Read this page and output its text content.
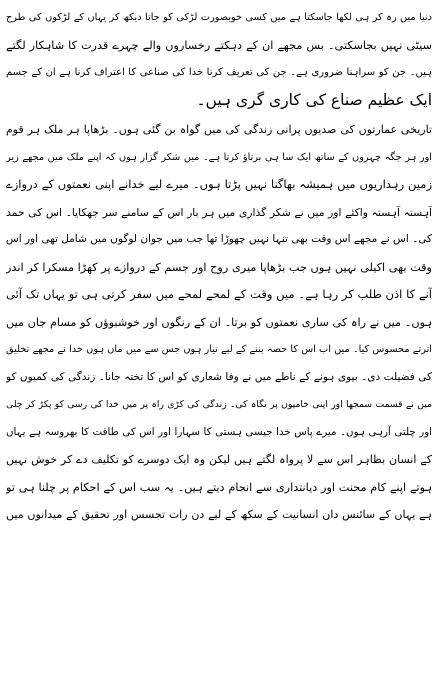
دنیا میں رہ کر ہی لکھا جاسکتا ہے میں کسی خوبصورت لڑکی کو جاتا دیکھ کر یہاں کے لڑکوں کی طرح
سیٹی نہیں بجاسکتی۔ بس مجھے ان کے دہکتے رخساروں والے چہرے قدرت کا شاہکار لگتے
ہیں۔ جن کو سراہنا ضروری ہے۔ جن کی تعریف کرنا خدا کی صناعی کا اعتراف کرنا ہے ان کے جسم
ایک عظیم صناع کی کاری گری ہیں۔
تاریخی عمارتوں کی صدیوں پرانی زندگی کی میں گواہ بن گئی ہوں۔ بڑھاپا ہر ملک ہر قوم
اور ہر جگہ چہروں کے ساتھ ایک سا ہی برتاؤ کرتا ہے۔ میں شکر گزار ہوں کہ اپنے ملک میں مجھے زیر
زمین رہداریوں میں ہمیشہ بھاگنا نہیں پڑتا ہوں۔ میرے لیے خدانے اپنی نعمتوں کے دروازے
آہستہ آہستہ واکئے اور میں نے شکر گذاری میں ہر بار اس کے سامنے سر جھکایا۔ اس کی حمد
کی۔ اس نے مجھے اس وقت بھی تنہا نہیں چھوڑا تھا جب میں جوان لوگوں میں شامل تھی اور اس
وقت بھی اکیلی نہیں ہوں جب بڑھاپا میری روح اور جسم کے دروازے پر کھڑا مسکرا کر اندر
آنے کا اذن طلب کر رہا ہے۔ میں وقت کے لمحے لمحے میں سفر کرتی ہی تو یہاں تک آئی
ہوں۔ میں نے راہ کی ساری نعمتوں کو برتا۔ ان کے رنگوں اور خوشبوؤں کو مسام جاں میں
اترتے محسوس کیا۔ میں اب اس کا حصہ بننے کے لیے تیار ہوں جس سے میں ماں ہوں خدا نے مجھے تخلیق
کی فضیلت دی۔ بیوی ہونے کے ناطے میں نے وفا شعاری کو اس کا تختہ جانا۔ زندگی کی کمیوں کو
میں نے قسمت سمجھا اور اپنی خامیوں پر نگاہ کی۔ زندگی کی کڑی راہ پر میں خدا کی رسی کو پکڑ کر چلی
اور چلتی آرہی ہوں۔ میرے پاس خدا جیسی ہستی کا سہارا اور اس کی طاقت کا بھروسہ ہے یہاں
کے انسان بظاہر اس سے لا پرواہ لگتے ہیں لیکن وہ ایک دوسرے کو تکلیف دے کر خوش نہیں
ہوتے اپنے کام محنت اور دیانتداری سے انجام دیتے ہیں۔ یہ سب اس کے احکام پر چلنا ہی تو
ہے یہاں کے سائنس دان انسانیت کے سکھ کے لیے دن رات تجسس اور تحقیق کے میدانوں میں
